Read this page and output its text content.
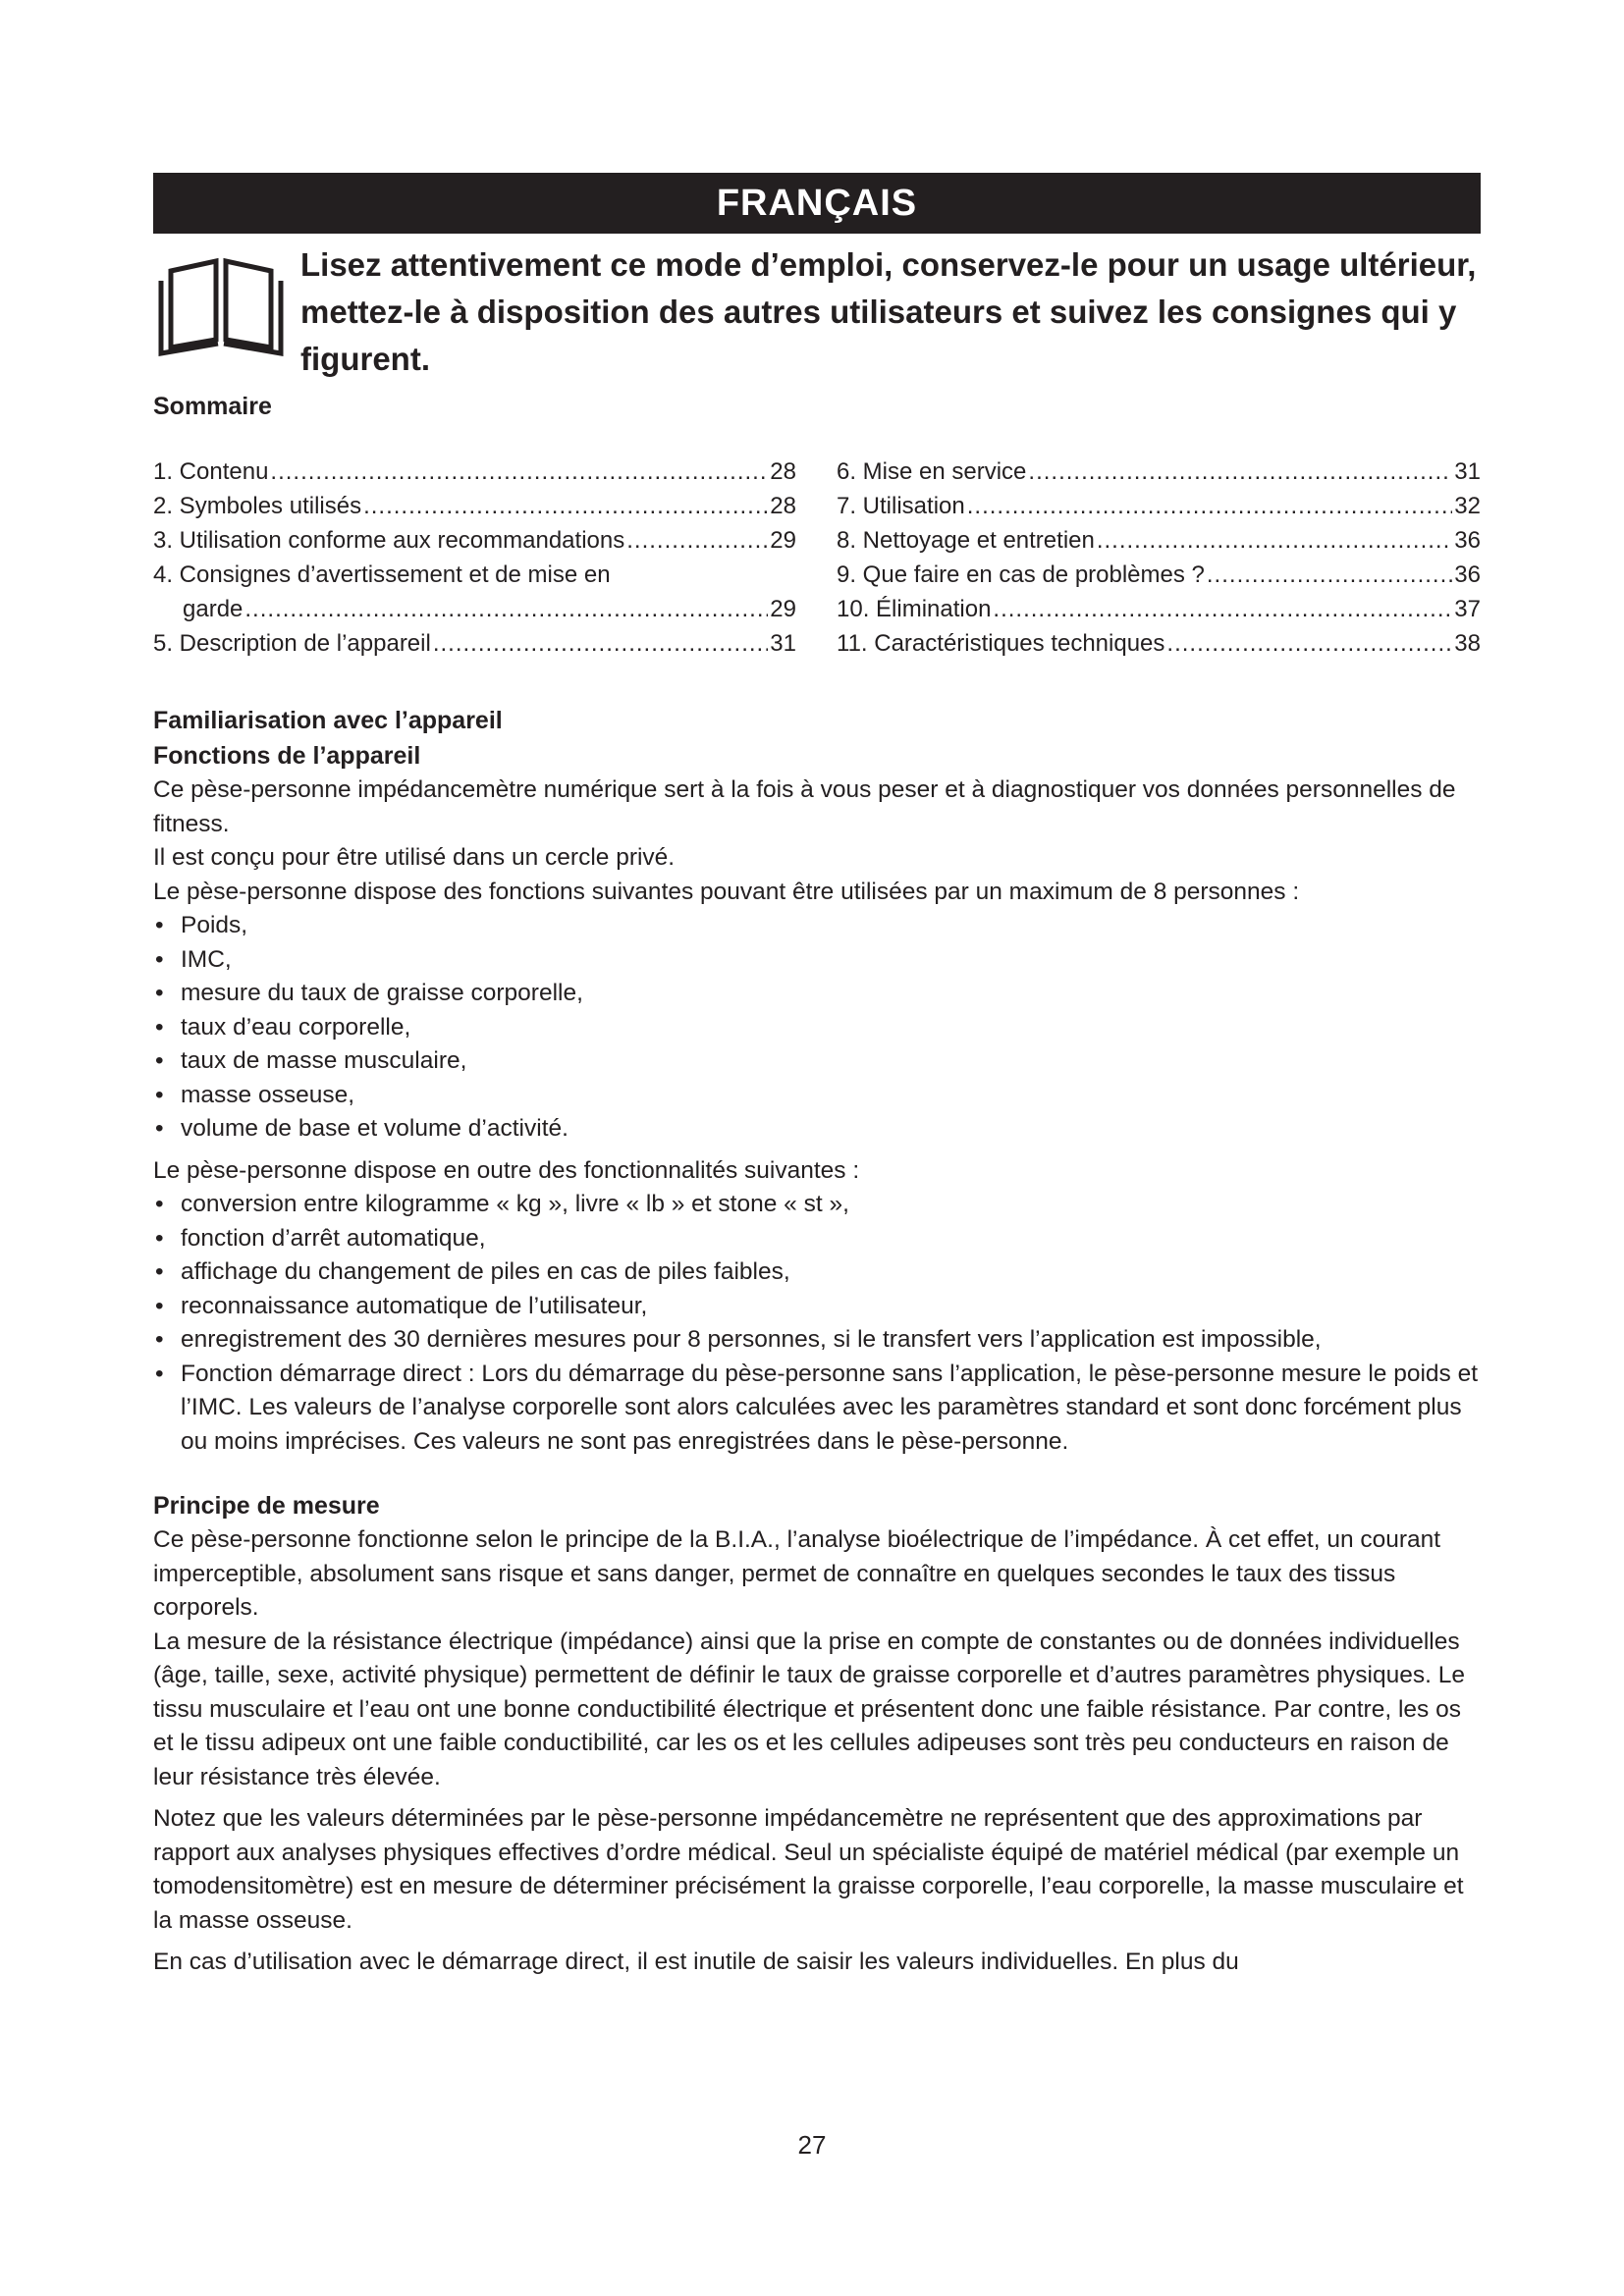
FRANÇAIS
Lisez attentivement ce mode d’emploi, conservez-le pour un usage ultérieur, mettez-le à disposition des autres utilisateurs et suivez les consignes qui y figurent.
Sommaire
1. Contenu .....	28
2. Symboles utilisés .....	28
3. Utilisation conforme aux recommandations .....	29
4. Consignes d’avertissement et de mise en
garde .....	29
5. Description de l’appareil .....	31
6. Mise en service .....	31
7. Utilisation .....	32
8. Nettoyage et entretien .....	36
9. Que faire en cas de problèmes ? .....	36
10. Élimination .....	37
11. Caractéristiques techniques .....	38
Familiarisation avec l’appareil
Fonctions de l’appareil

Ce pèse-personne impédancemètre numérique sert à la fois à vous peser et à diagnostiquer vos données personnelles de fitness.

Il est conçu pour être utilisé dans un cercle privé.

Le pèse-personne dispose des fonctions suivantes pouvant être utilisées par un maximum de 8 personnes :

• Poids,
• IMC,
• mesure du taux de graisse corporelle,
• taux d’eau corporelle,
• taux de masse musculaire,
• masse osseuse,
• volume de base et volume d’activité.

Le pèse-personne dispose en outre des fonctionnalités suivantes :

• conversion entre kilogramme « kg », livre « lb » et stone « st »,
• fonction d’arrêt automatique,
• affichage du changement de piles en cas de piles faibles,
• reconnaissance automatique de l’utilisateur,
• enregistrement des 30 dernières mesures pour 8 personnes, si le transfert vers l’application est impossible,
• Fonction démarrage direct : Lors du démarrage du pèse-personne sans l’application, le pèse-personne mesure le poids et l’IMC. Les valeurs de l’analyse corporelle sont alors calculées avec les paramètres standard et sont donc forcément plus ou moins imprécises. Ces valeurs ne sont pas enregistrées dans le pèse-personne.
Principe de mesure

Ce pèse-personne fonctionne selon le principe de la B.I.A., l’analyse bioélectrique de l’impédance. À cet effet, un courant imperceptible, absolument sans risque et sans danger, permet de connaître en quelques secondes le taux des tissus corporels.

La mesure de la résistance électrique (impédance) ainsi que la prise en compte de constantes ou de données individuelles (âge, taille, sexe, activité physique) permettent de définir le taux de graisse corporelle et d’autres paramètres physiques. Le tissu musculaire et l’eau ont une bonne conductibilité électrique et présentent donc une faible résistance. Par contre, les os et le tissu adipeux ont une faible conductibilité, car les os et les cellules adipeuses sont très peu conducteurs en raison de leur résistance très élevée.

Notez que les valeurs déterminées par le pèse-personne impédancemètre ne représentent que des approximations par rapport aux analyses physiques effectives d’ordre médical. Seul un spécialiste équipé de matériel médical (par exemple un tomodensitomètre) est en mesure de déterminer précisément la graisse corporelle, l’eau corporelle, la masse musculaire et la masse osseuse.

En cas d’utilisation avec le démarrage direct, il est inutile de saisir les valeurs individuelles. En plus du

27
